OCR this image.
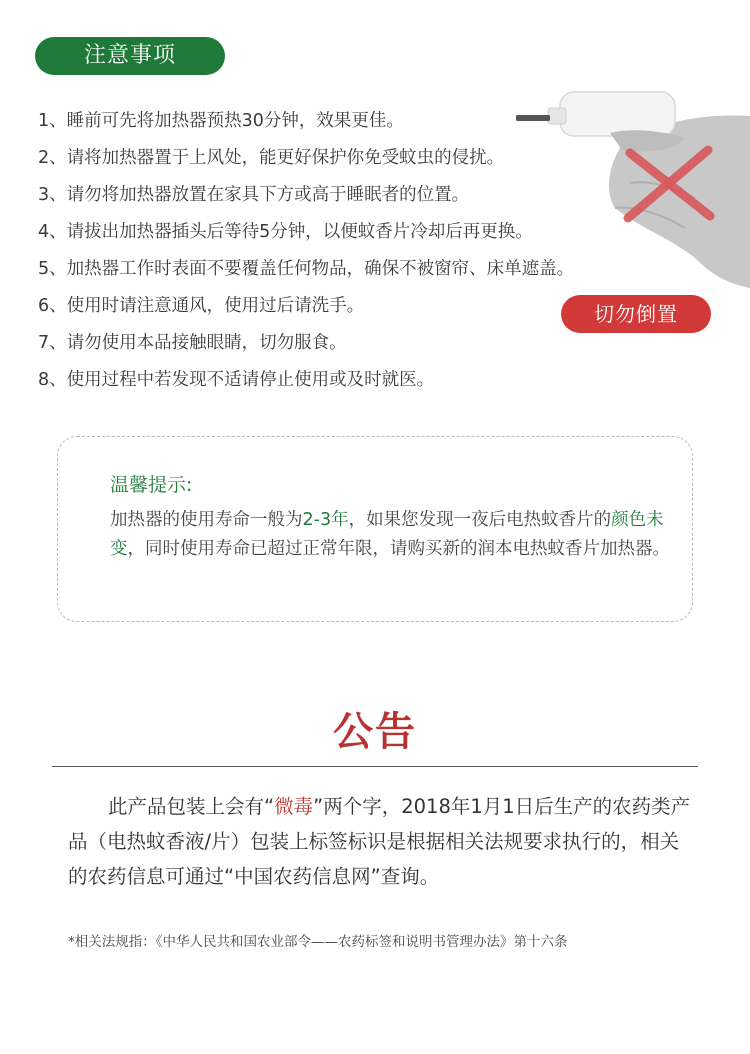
注意事项
1、睡前可先将加热器预热30分钟，效果更佳。
2、请将加热器置于上风处，能更好保护你免受蚊虫的侵扰。
3、请勿将加热器放置在家具下方或高于睡眠者的位置。
4、请拔出加热器插头后等待5分钟，以便蚊香片冷却后再更换。
5、加热器工作时表面不要覆盖任何物品，确保不被窗帘、床单遮盖。
6、使用时请注意通风，使用过后请洗手。
7、请勿使用本品接触眼睛，切勿服食。
8、使用过程中若发现不适请停止使用或及时就医。
切勿倒置
温馨提示:
加热器的使用寿命一般为2-3年，如果您发现一夜后电热蚊香片的颜色未变，同时使用寿命已超过正常年限，请购买新的润本电热蚊香片加热器。
公告
此产品包装上会有“微毒”两个字，2018年1月1日后生产的农药类产品（电热蚊香液/片）包装上标签标识是根据相关法规要求执行的，相关的农药信息可通过“中国农药信息网”查询。
*相关法规指：《中华人民共和国农业部令——农药标签和说明书管理办法》第十六条
